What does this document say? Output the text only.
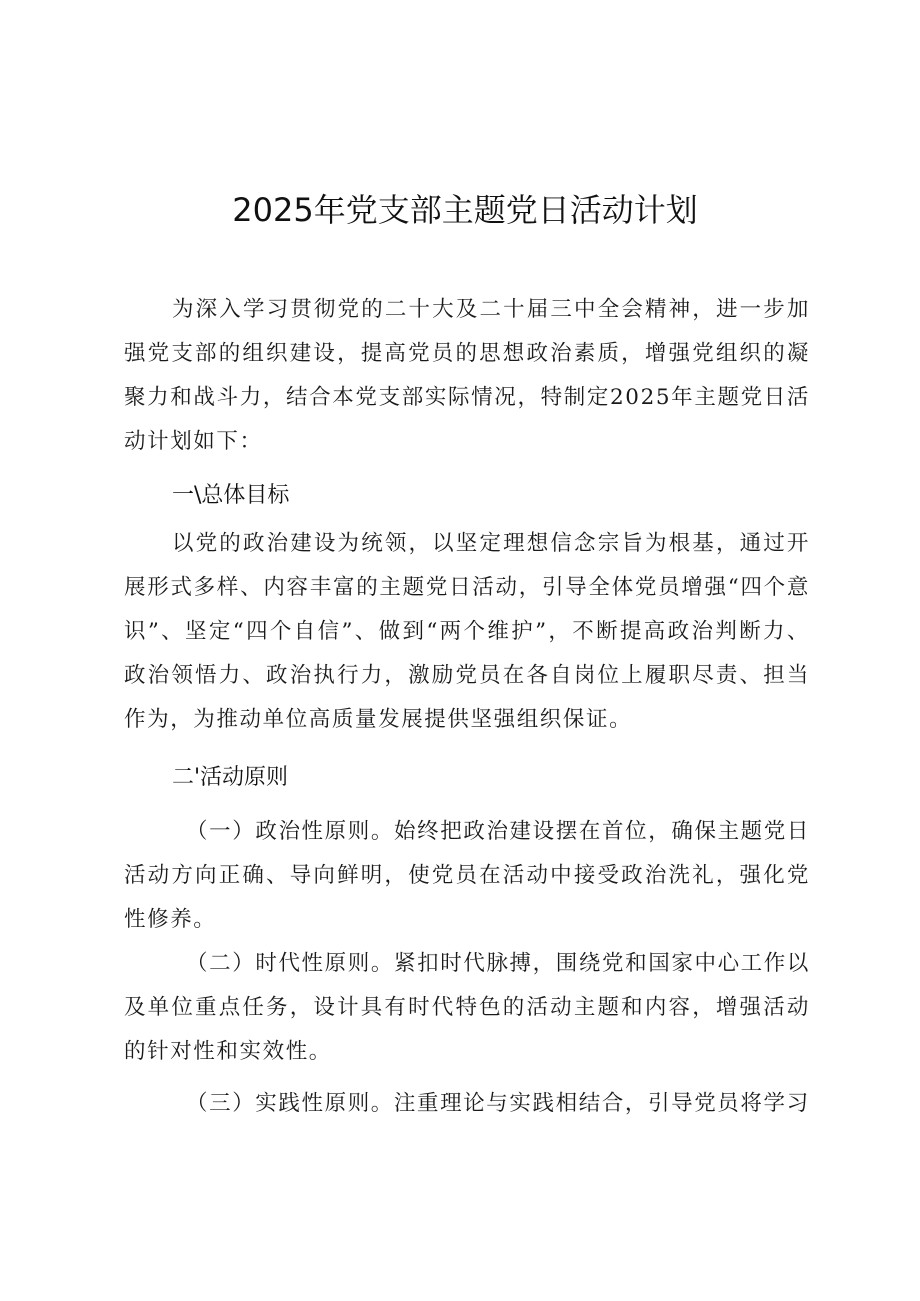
2025年党支部主题党日活动计划

为深入学习贯彻党的二十大及二十届三中全会精神，进一步加强党支部的组织建设，提高党员的思想政治素质，增强党组织的凝聚力和战斗力，结合本党支部实际情况，特制定2025年主题党日活动计划如下：

一\总体目标

以党的政治建设为统领，以坚定理想信念宗旨为根基，通过开展形式多样、内容丰富的主题党日活动，引导全体党员增强“四个意识”、坚定“四个自信”、做到“两个维护”，不断提高政治判断力、政治领悟力、政治执行力，激励党员在各自岗位上履职尽责、担当作为，为推动单位高质量发展提供坚强组织保证。

二'活动原则

（一）政治性原则。始终把政治建设摆在首位，确保主题党日活动方向正确、导向鲜明，使党员在活动中接受政治洗礼，强化党性修养。

（二）时代性原则。紧扣时代脉搏，围绕党和国家中心工作以及单位重点任务，设计具有时代特色的活动主题和内容，增强活动的针对性和实效性。

（三）实践性原则。注重理论与实践相结合，引导党员将学习
